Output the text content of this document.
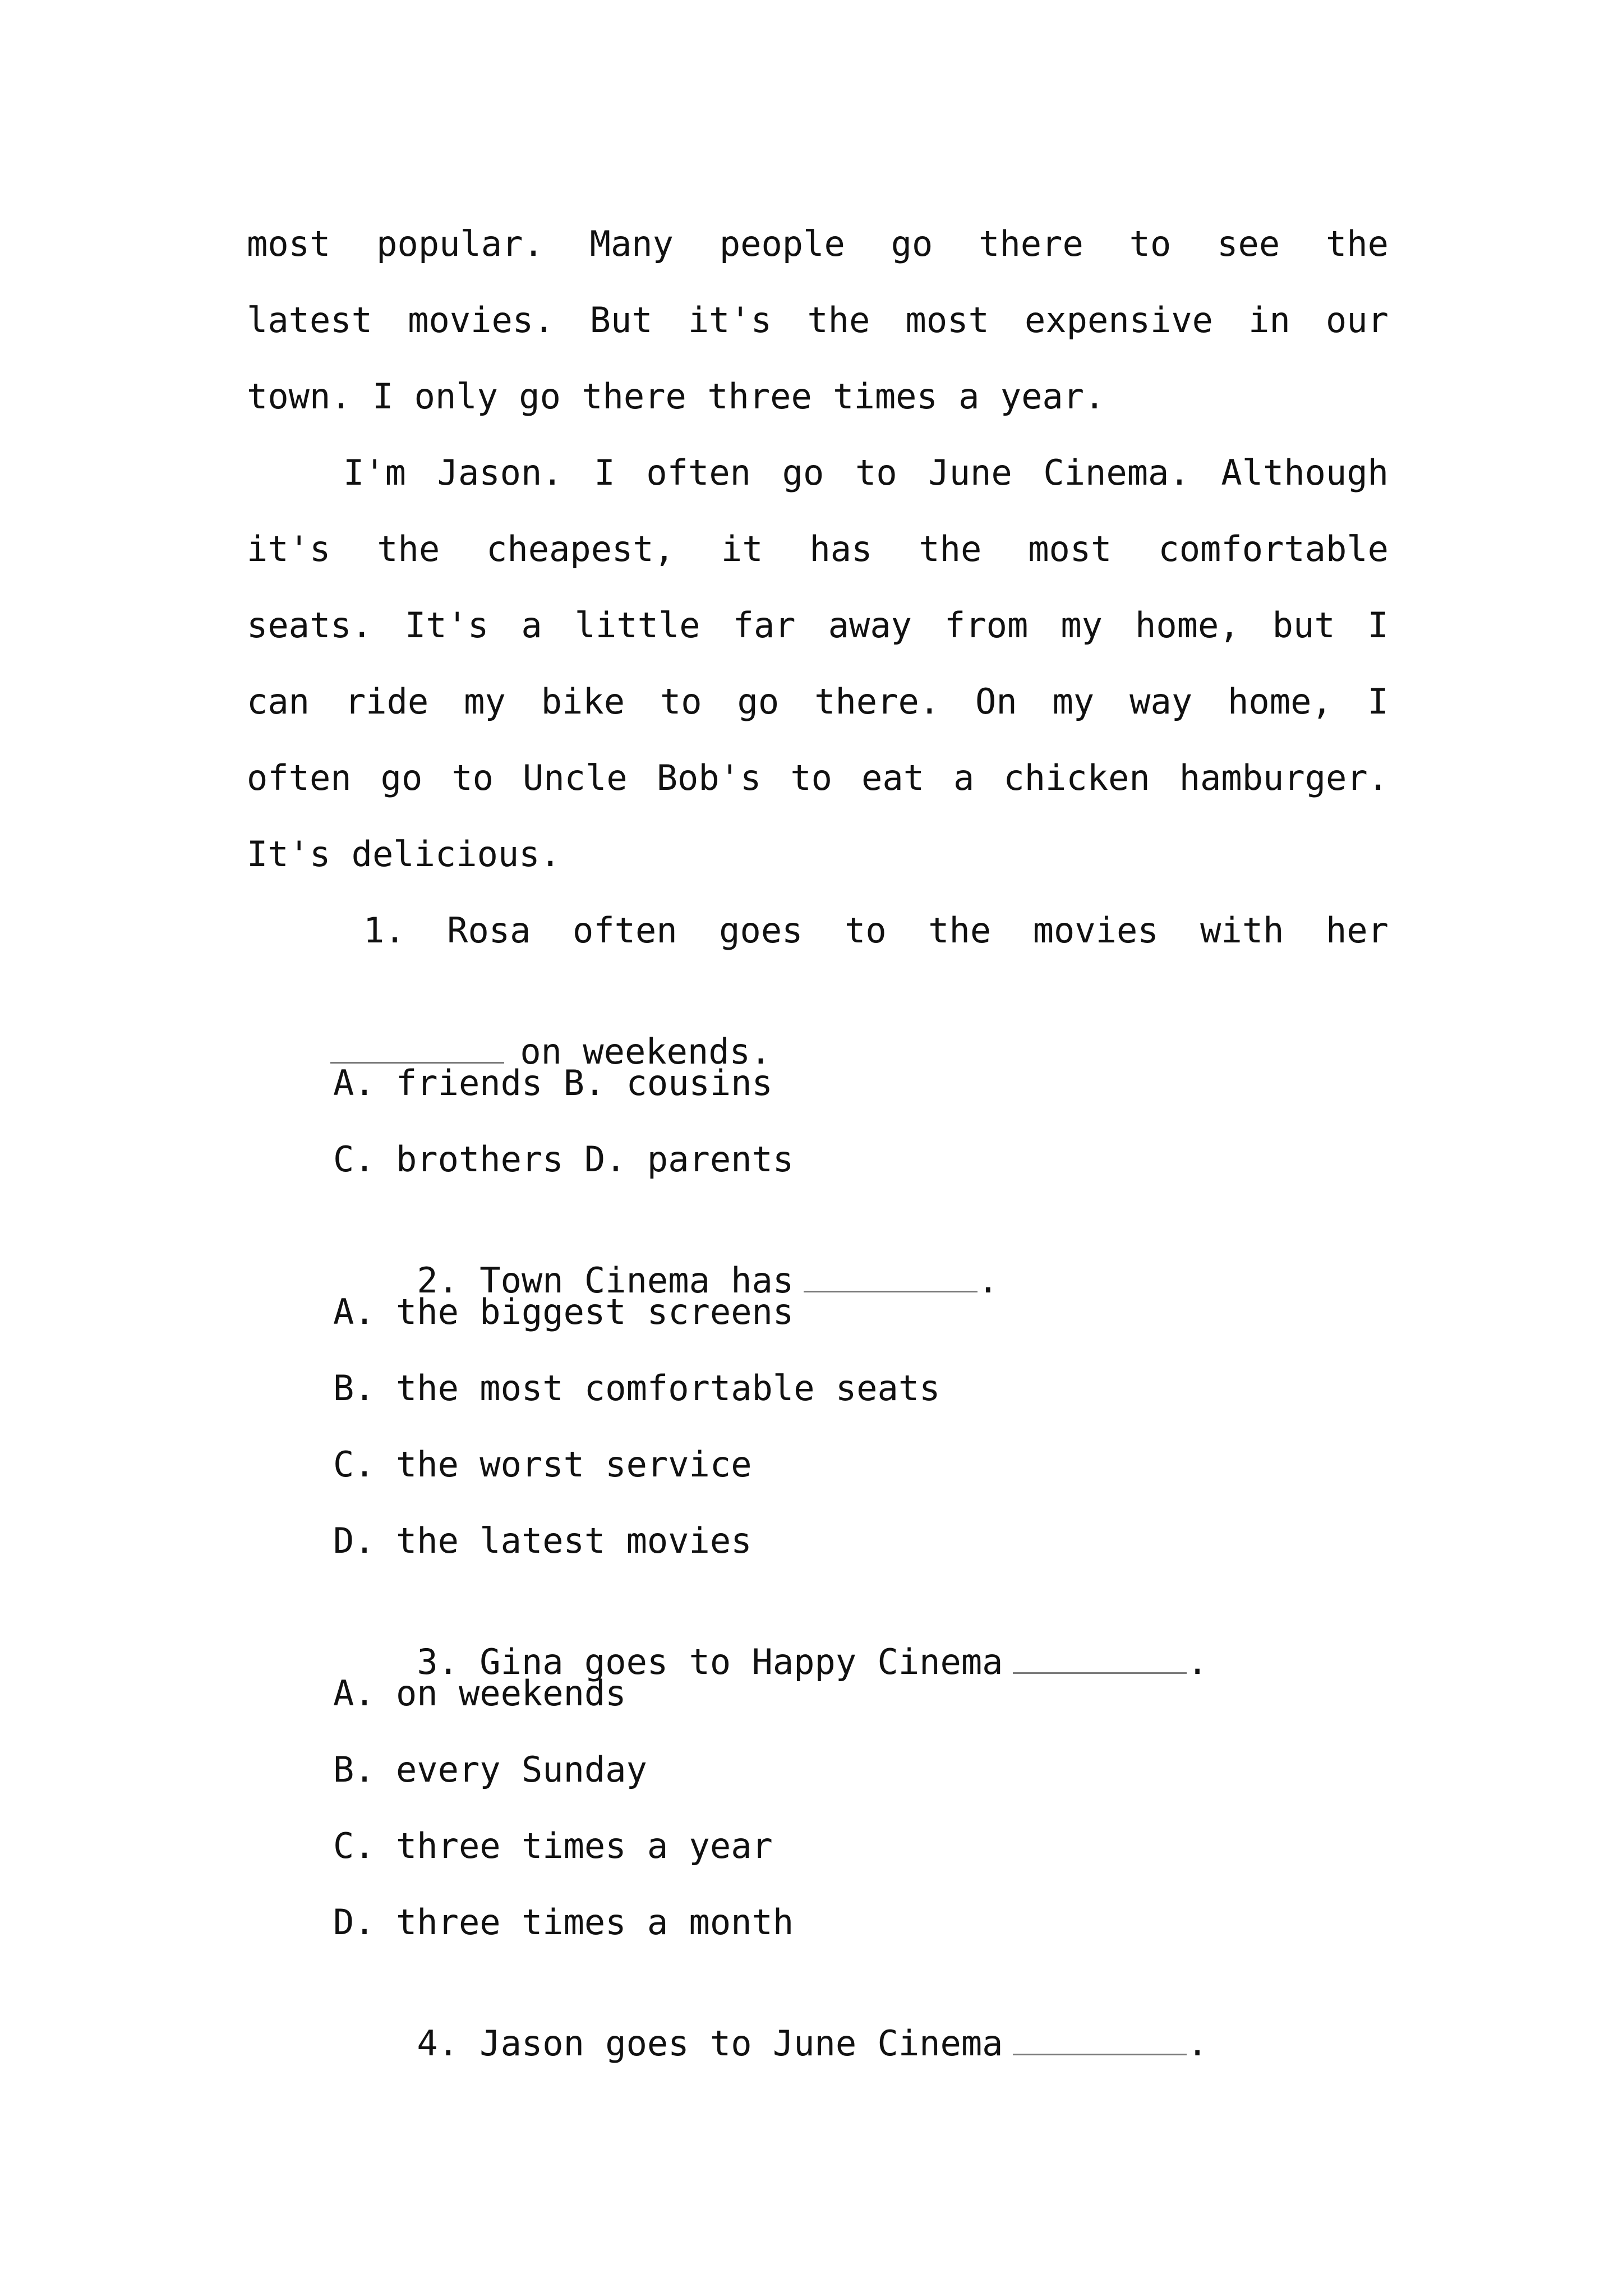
most popular. Many people go there to see the
latest movies. But it's the most expensive in our
town. I only go there three times a year.
I'm Jason. I often go to June Cinema. Although
it's the cheapest, it has the most comfortable
seats. It's a little far away from my home, but I
can ride my bike to go there. On my way home, I
often go to Uncle Bob's to eat a chicken hamburger.
It's delicious.
1. Rosa often goes to the movies with her

on weekends.

A. friends B. cousins
C. brothers D. parents

2. Town Cinema has	.

A. the biggest screens
B. the most comfortable seats
C. the worst service
D. the latest movies

3. Gina goes to Happy Cinema	.

A. on weekends
B. every Sunday
C. three times a year
D. three times a month

4. Jason goes to June Cinema	.
